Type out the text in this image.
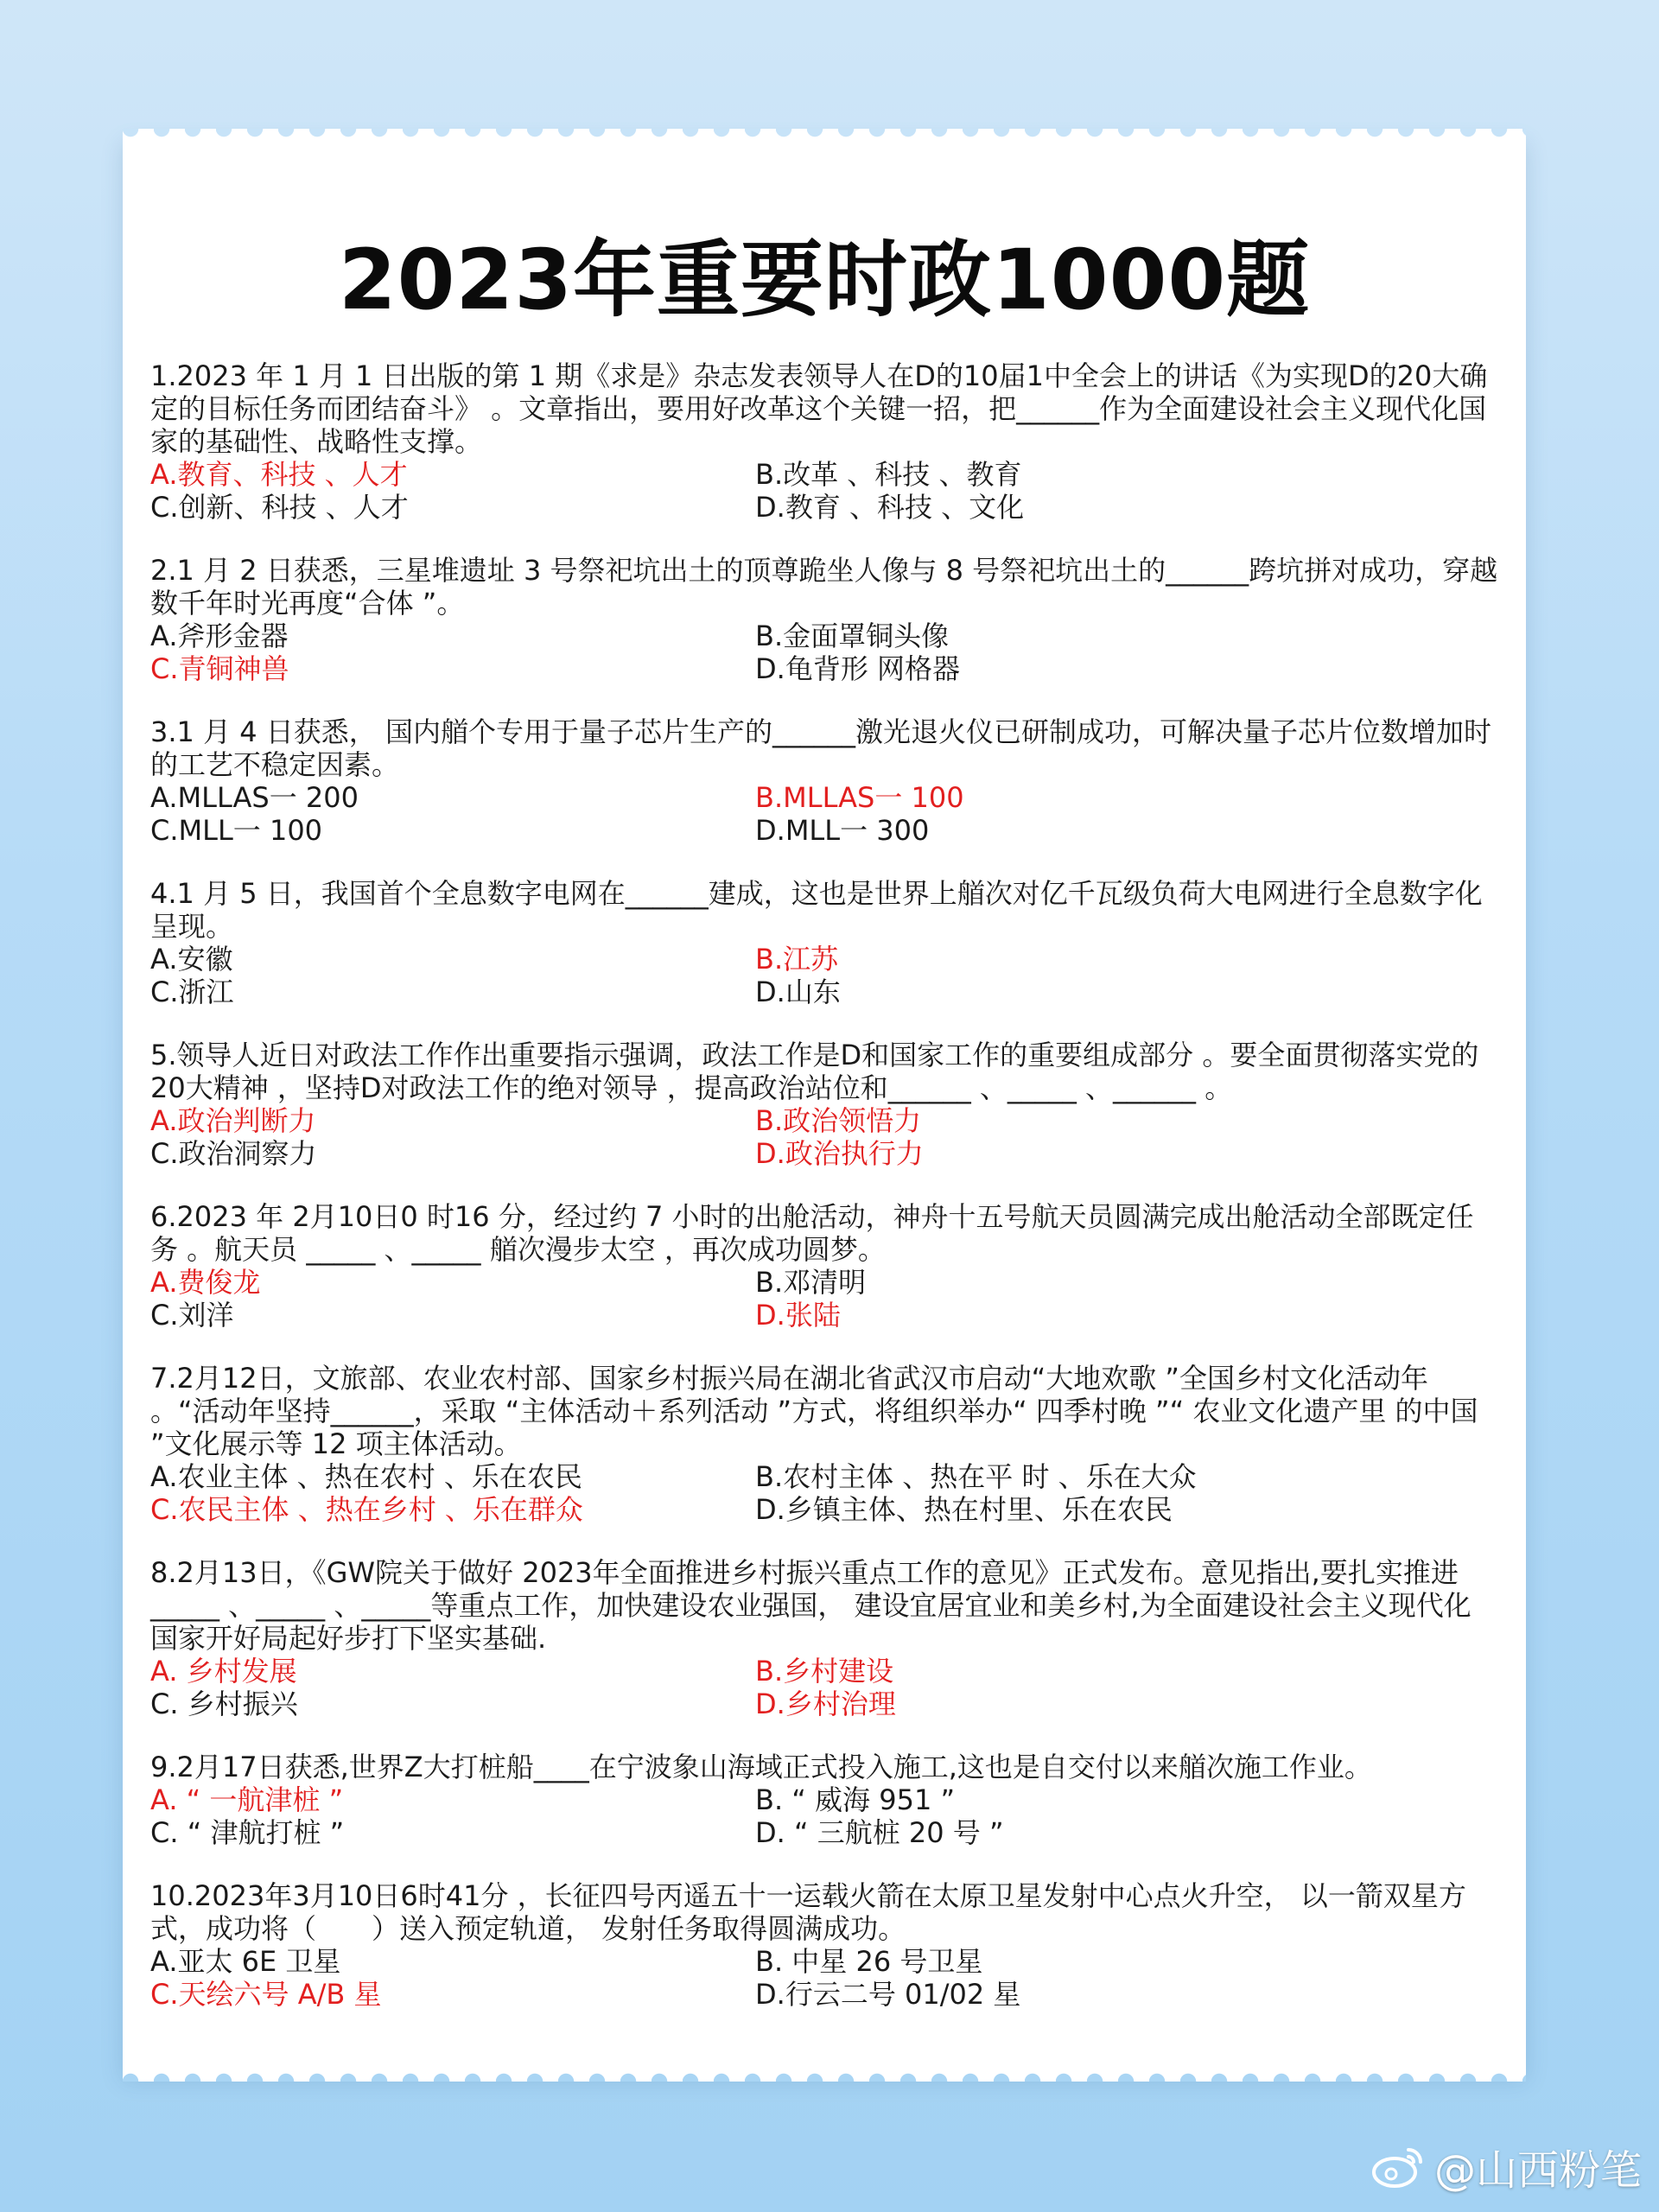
2023年重要时政1000题
1.2023 年 1 月 1 日出版的第 1 期《求是》杂志发表领导人在D的10届1中全会上的讲话《为实现D的20大确定的目标任务而团结奋斗》 。文章指出，要用好改革这个关键一招，把______作为全面建设社会主义现代化国家的基础性、战略性支撑。
A.教育、科技 、人才	B.改革 、科技 、教育
C.创新、科技 、人才	D.教育 、科技 、文化
2.1 月 2 日获悉，三星堆遗址 3 号祭祀坑出土的顶尊跪坐人像与 8 号祭祀坑出土的______跨坑拼对成功，穿越数千年时光再度“合体 ”。
A.斧形金器	B.金面罩铜头像
C.青铜神兽	D.龟背形 网格器
3.1 月 4 日获悉， 国内艏个专用于量子芯片生产的______激光退火仪已研制成功，可解决量子芯片位数增加时的工艺不稳定因素。
A.MLLAS一 200	B.MLLAS一 100
C.MLL一 100	D.MLL一 300
4.1 月 5 日，我国首个全息数字电网在______建成，这也是世界上艏次对亿千瓦级负荷大电网进行全息数字化呈现。
A.安徽	B.江苏
C.浙江	D.山东
5.领导人近日对政法工作作出重要指示强调，政法工作是D和国家工作的重要组成部分 。要全面贯彻落实党的20大精神 ，坚持D对政法工作的绝对领导 ，提高政治站位和______ 、_____ 、______ 。
A.政治判断力	B.政治领悟力
C.政治洞察力	D.政治执行力
6.2023 年 2月10日0 时16 分，经过约 7 小时的出舱活动，神舟十五号航天员圆满完成出舱活动全部既定任务 。航天员 _____ 、_____ 艏次漫步太空 ，再次成功圆梦。
A.费俊龙	B.邓清明
C.刘洋	D.张陆
7.2月12日，文旅部、农业农村部、国家乡村振兴局在湖北省武汉市启动“大地欢歌 ”全国乡村文化活动年 。“活动年坚持______，采取 “主体活动＋系列活动 ”方式，将组织举办“ 四季村晚 ”“ 农业文化遗产里 的中国 ”文化展示等 12 项主体活动。
A.农业主体 、热在农村 、乐在农民	B.农村主体 、热在平 时 、乐在大众
C.农民主体 、热在乡村 、乐在群众	D.乡镇主体、热在村里、乐在农民
8.2月13日，《GW院关于做好 2023年全面推进乡村振兴重点工作的意见》正式发布。意见指出,要扎实推进 _____ 、_____ 、_____等重点工作，加快建设农业强国， 建设宜居宜业和美乡村,为全面建设社会主义现代化 国家开好局起好步打下坚实基础.
A. 乡村发展	B.乡村建设
C. 乡村振兴	D.乡村治理
9.2月17日获悉,世界Z大打桩船____在宁波象山海域正式投入施工,这也是自交付以来艏次施工作业。
A. “ 一航津桩 ”	B. “ 威海 951 ”
C. “ 津航打桩 ”	D. “ 三航桩 20 号 ”
10.2023年3月10日6时41分 ，长征四号丙遥五十一运载火箭在太原卫星发射中心点火升空， 以一箭双星方式，成功将（　　）送入预定轨道， 发射任务取得圆满成功。
A.亚太 6E 卫星	B. 中星 26 号卫星
C.天绘六号 A/B 星	D.行云二号 01/02 星
@山西粉笔
